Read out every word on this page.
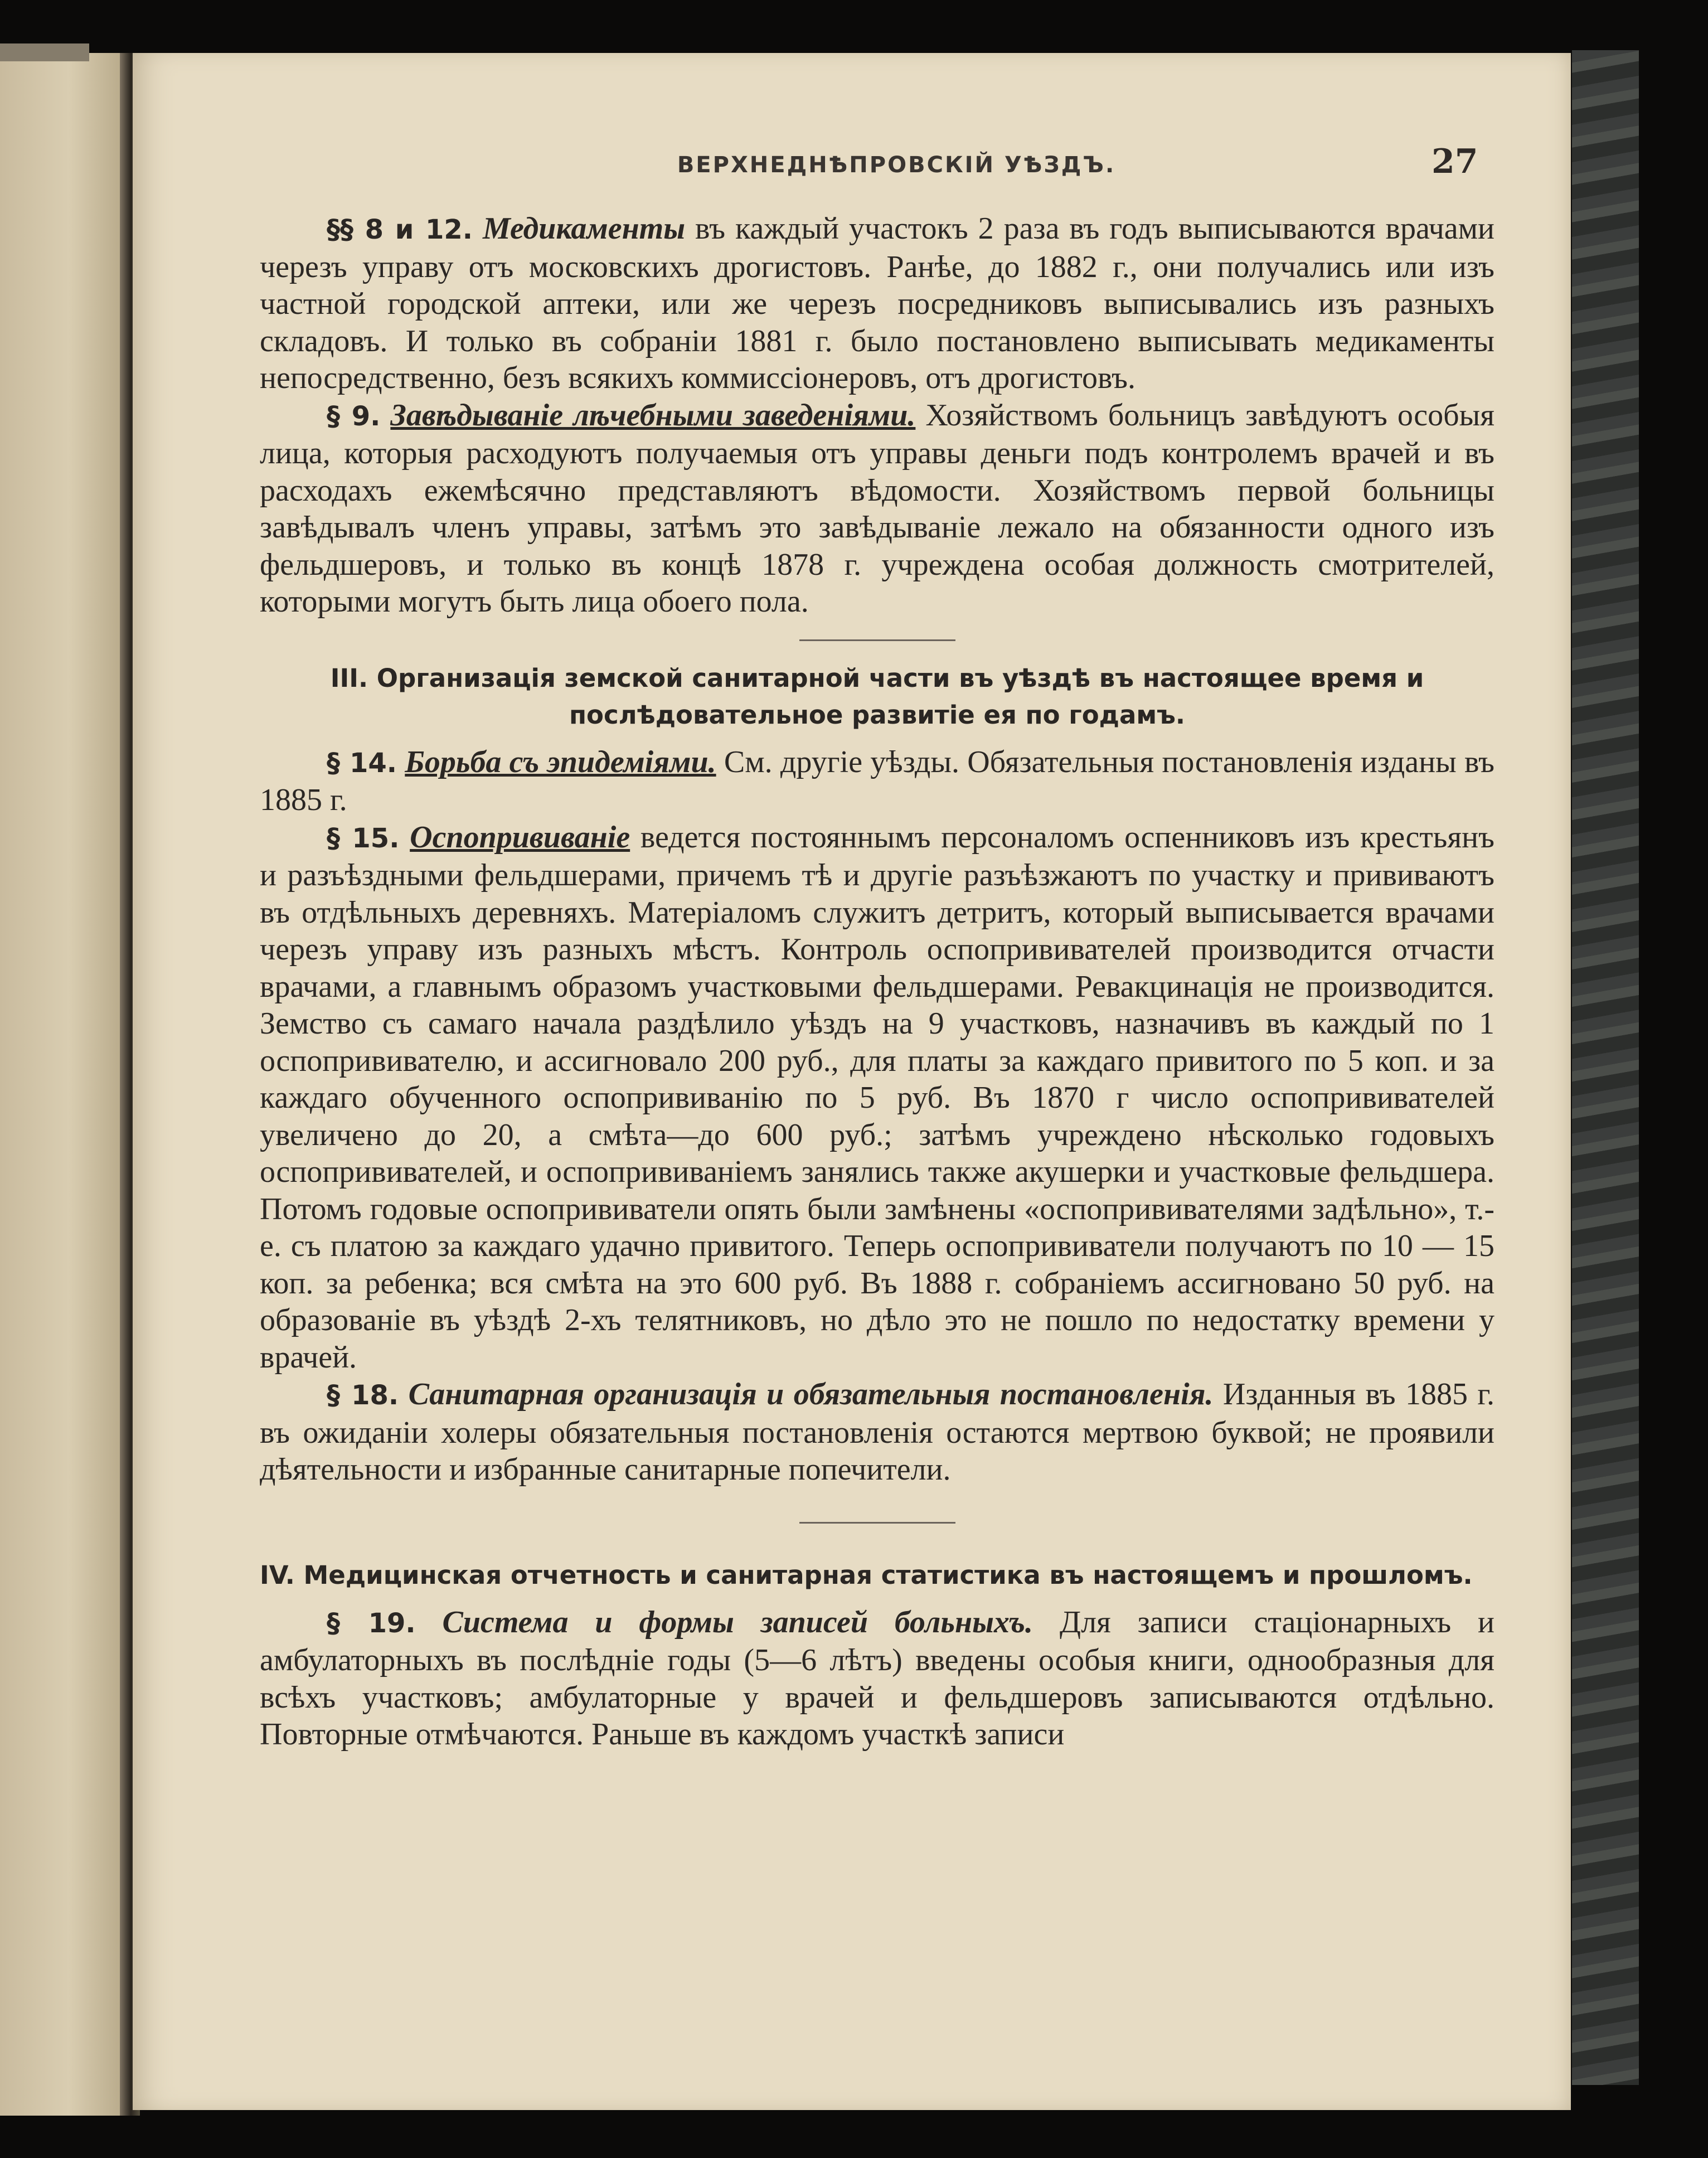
ВЕРХНЕДНѢПРОВСКІЙ УѢЗДЪ.	27

§§ 8 и 12. Медикаменты въ каждый участокъ 2 раза въ годъ выписываются врачами черезъ управу отъ московскихъ дрогистовъ. Ранѣе, до 1882 г., они получались или изъ частной городской аптеки, или же черезъ посредниковъ выписывались изъ разныхъ складовъ. И только въ собраніи 1881 г. было постановлено выписывать медикаменты непосредственно, безъ всякихъ коммиссіонеровъ, отъ дрогистовъ.

§ 9. Завѣдываніе лѣчебными заведеніями. Хозяйствомъ больницъ завѣдуютъ особыя лица, которыя расходуютъ получаемыя отъ управы деньги подъ контролемъ врачей и въ расходахъ ежемѣсячно представляютъ вѣдомости. Хозяйствомъ первой больницы завѣдывалъ членъ управы, затѣмъ это завѣдываніе лежало на обязанности одного изъ фельдшеровъ, и только въ концѣ 1878 г. учреждена особая должность смотрителей, которыми могутъ быть лица обоего пола.

III. Организація земской санитарной части въ уѣздѣ въ настоящее время и послѣдовательное развитіе ея по годамъ.

§ 14. Борьба съ эпидеміями. См. другіе уѣзды. Обязательныя постановленія изданы въ 1885 г.

§ 15. Оспопрививаніе ведется постояннымъ персоналомъ оспенниковъ изъ крестьянъ и разъѣздными фельдшерами, причемъ тѣ и другіе разъѣзжаютъ по участку и прививаютъ въ отдѣльныхъ деревняхъ. Матеріаломъ служитъ детритъ, который выписывается врачами черезъ управу изъ разныхъ мѣстъ. Контроль оспопрививателей производится отчасти врачами, а главнымъ образомъ участковыми фельдшерами. Ревакцинація не производится. Земство съ самаго начала раздѣлило уѣздъ на 9 участковъ, назначивъ въ каждый по 1 оспопрививателю, и ассигновало 200 руб., для платы за каждаго привитого по 5 коп. и за каждаго обученного оспопрививанію по 5 руб. Въ 1870 г число оспопрививателей увеличено до 20, а смѣта—до 600 руб.; затѣмъ учреждено нѣсколько годовыхъ оспопрививателей, и оспопрививаніемъ занялись также акушерки и участковые фельдшера. Потомъ годовые оспопрививатели опять были замѣнены «оспопрививателями задѣльно», т.-е. съ платою за каждаго удачно привитого. Теперь оспопрививатели получаютъ по 10 — 15 коп. за ребенка; вся смѣта на это 600 руб. Въ 1888 г. собраніемъ ассигновано 50 руб. на образованіе въ уѣздѣ 2-хъ телятниковъ, но дѣло это не пошло по недостатку времени у врачей.

§ 18. Санитарная организація и обязательныя постановленія. Изданныя въ 1885 г. въ ожиданіи холеры обязательныя постановленія остаются мертвою буквой; не проявили дѣятельности и избранные санитарные попечители.

IV. Медицинская отчетность и санитарная статистика въ настоящемъ и прошломъ.

§ 19. Система и формы записей больныхъ. Для записи стаціонарныхъ и амбулаторныхъ въ послѣдніе годы (5—6 лѣтъ) введены особыя книги, однообразныя для всѣхъ участковъ; амбулаторные у врачей и фельдшеровъ записываются отдѣльно. Повторные отмѣчаются. Раньше въ каждомъ участкѣ записи
